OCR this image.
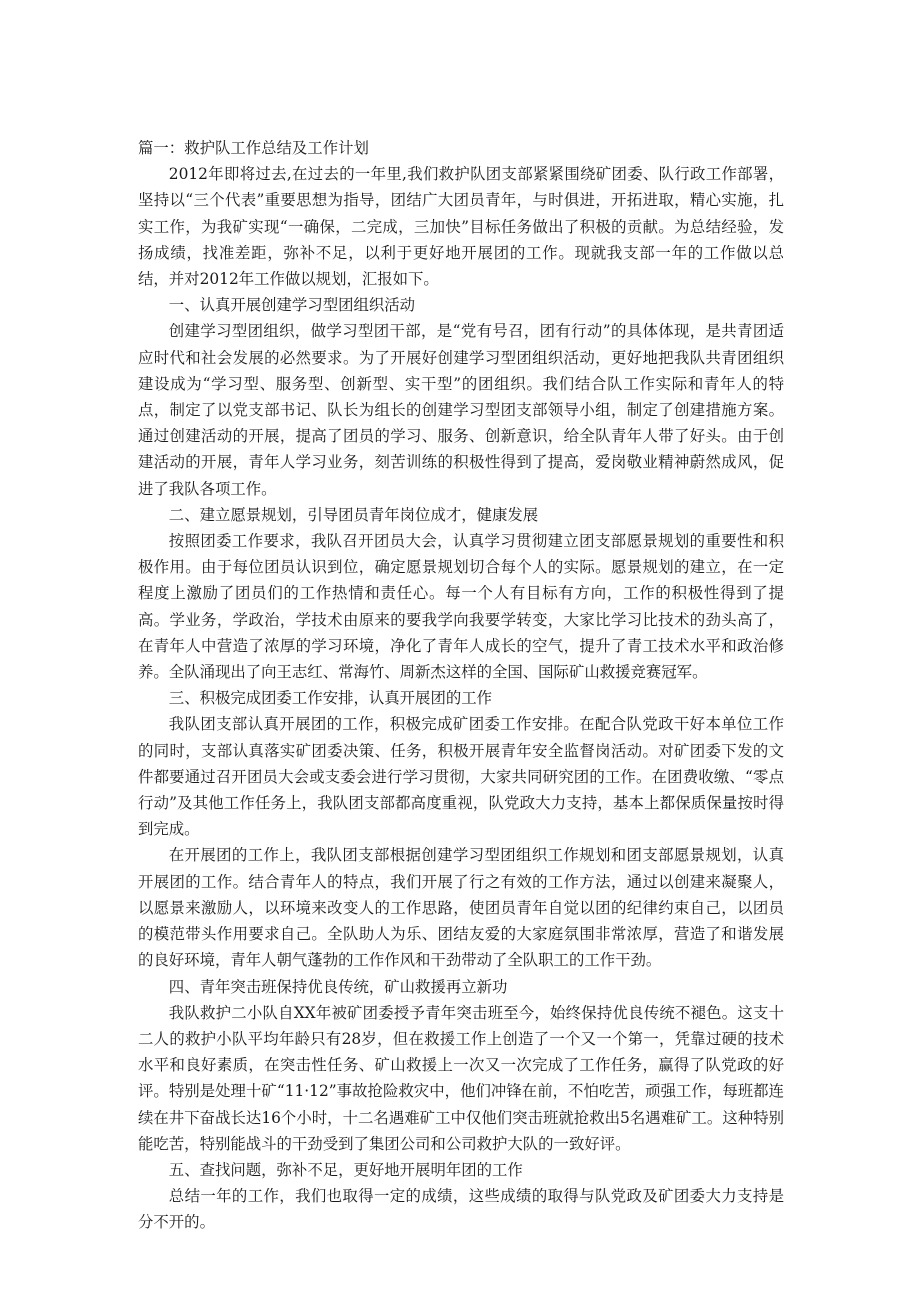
篇一：救护队工作总结及工作计划

2012年即将过去,在过去的一年里,我们救护队团支部紧紧围绕矿团委、队行政工作部署，坚持以“三个代表”重要思想为指导，团结广大团员青年，与时俱进，开拓进取，精心实施，扎实工作，为我矿实现“一确保，二完成，三加快”目标任务做出了积极的贡献。为总结经验，发扬成绩，找准差距，弥补不足，以利于更好地开展团的工作。现就我支部一年的工作做以总结，并对2012年工作做以规划，汇报如下。

一、认真开展创建学习型团组织活动

创建学习型团组织，做学习型团干部，是“党有号召，团有行动”的具体体现，是共青团适应时代和社会发展的必然要求。为了开展好创建学习型团组织活动，更好地把我队共青团组织建设成为“学习型、服务型、创新型、实干型”的团组织。我们结合队工作实际和青年人的特点，制定了以党支部书记、队长为组长的创建学习型团支部领导小组，制定了创建措施方案。通过创建活动的开展，提高了团员的学习、服务、创新意识，给全队青年人带了好头。由于创建活动的开展，青年人学习业务，刻苦训练的积极性得到了提高，爱岗敬业精神蔚然成风，促进了我队各项工作。

二、建立愿景规划，引导团员青年岗位成才，健康发展

按照团委工作要求，我队召开团员大会，认真学习贯彻建立团支部愿景规划的重要性和积极作用。由于每位团员认识到位，确定愿景规划切合每个人的实际。愿景规划的建立，在一定程度上激励了团员们的工作热情和责任心。每一个人有目标有方向，工作的积极性得到了提高。学业务，学政治，学技术由原来的要我学向我要学转变，大家比学习比技术的劲头高了，在青年人中营造了浓厚的学习环境，净化了青年人成长的空气，提升了青工技术水平和政治修养。全队涌现出了向王志红、常海竹、周新杰这样的全国、国际矿山救援竞赛冠军。

三、积极完成团委工作安排，认真开展团的工作

我队团支部认真开展团的工作，积极完成矿团委工作安排。在配合队党政干好本单位工作的同时，支部认真落实矿团委决策、任务，积极开展青年安全监督岗活动。对矿团委下发的文件都要通过召开团员大会或支委会进行学习贯彻，大家共同研究团的工作。在团费收缴、“零点行动”及其他工作任务上，我队团支部都高度重视，队党政大力支持，基本上都保质保量按时得到完成。

在开展团的工作上，我队团支部根据创建学习型团组织工作规划和团支部愿景规划，认真开展团的工作。结合青年人的特点，我们开展了行之有效的工作方法，通过以创建来凝聚人，以愿景来激励人，以环境来改变人的工作思路，使团员青年自觉以团的纪律约束自己，以团员的模范带头作用要求自己。全队助人为乐、团结友爱的大家庭氛围非常浓厚，营造了和谐发展的良好环境，青年人朝气蓬勃的工作作风和干劲带动了全队职工的工作干劲。

四、青年突击班保持优良传统，矿山救援再立新功

我队救护二小队自XX年被矿团委授予青年突击班至今，始终保持优良传统不褪色。这支十二人的救护小队平均年龄只有28岁，但在救援工作上创造了一个又一个第一，凭靠过硬的技术水平和良好素质，在突击性任务、矿山救援上一次又一次完成了工作任务，赢得了队党政的好评。特别是处理十矿“11·12”事故抢险救灾中，他们冲锋在前，不怕吃苦，顽强工作，每班都连续在井下奋战长达16个小时，十二名遇难矿工中仅他们突击班就抢救出5名遇难矿工。这种特别能吃苦，特别能战斗的干劲受到了集团公司和公司救护大队的一致好评。

五、查找问题，弥补不足，更好地开展明年团的工作

总结一年的工作，我们也取得一定的成绩，这些成绩的取得与队党政及矿团委大力支持是分不开的。
